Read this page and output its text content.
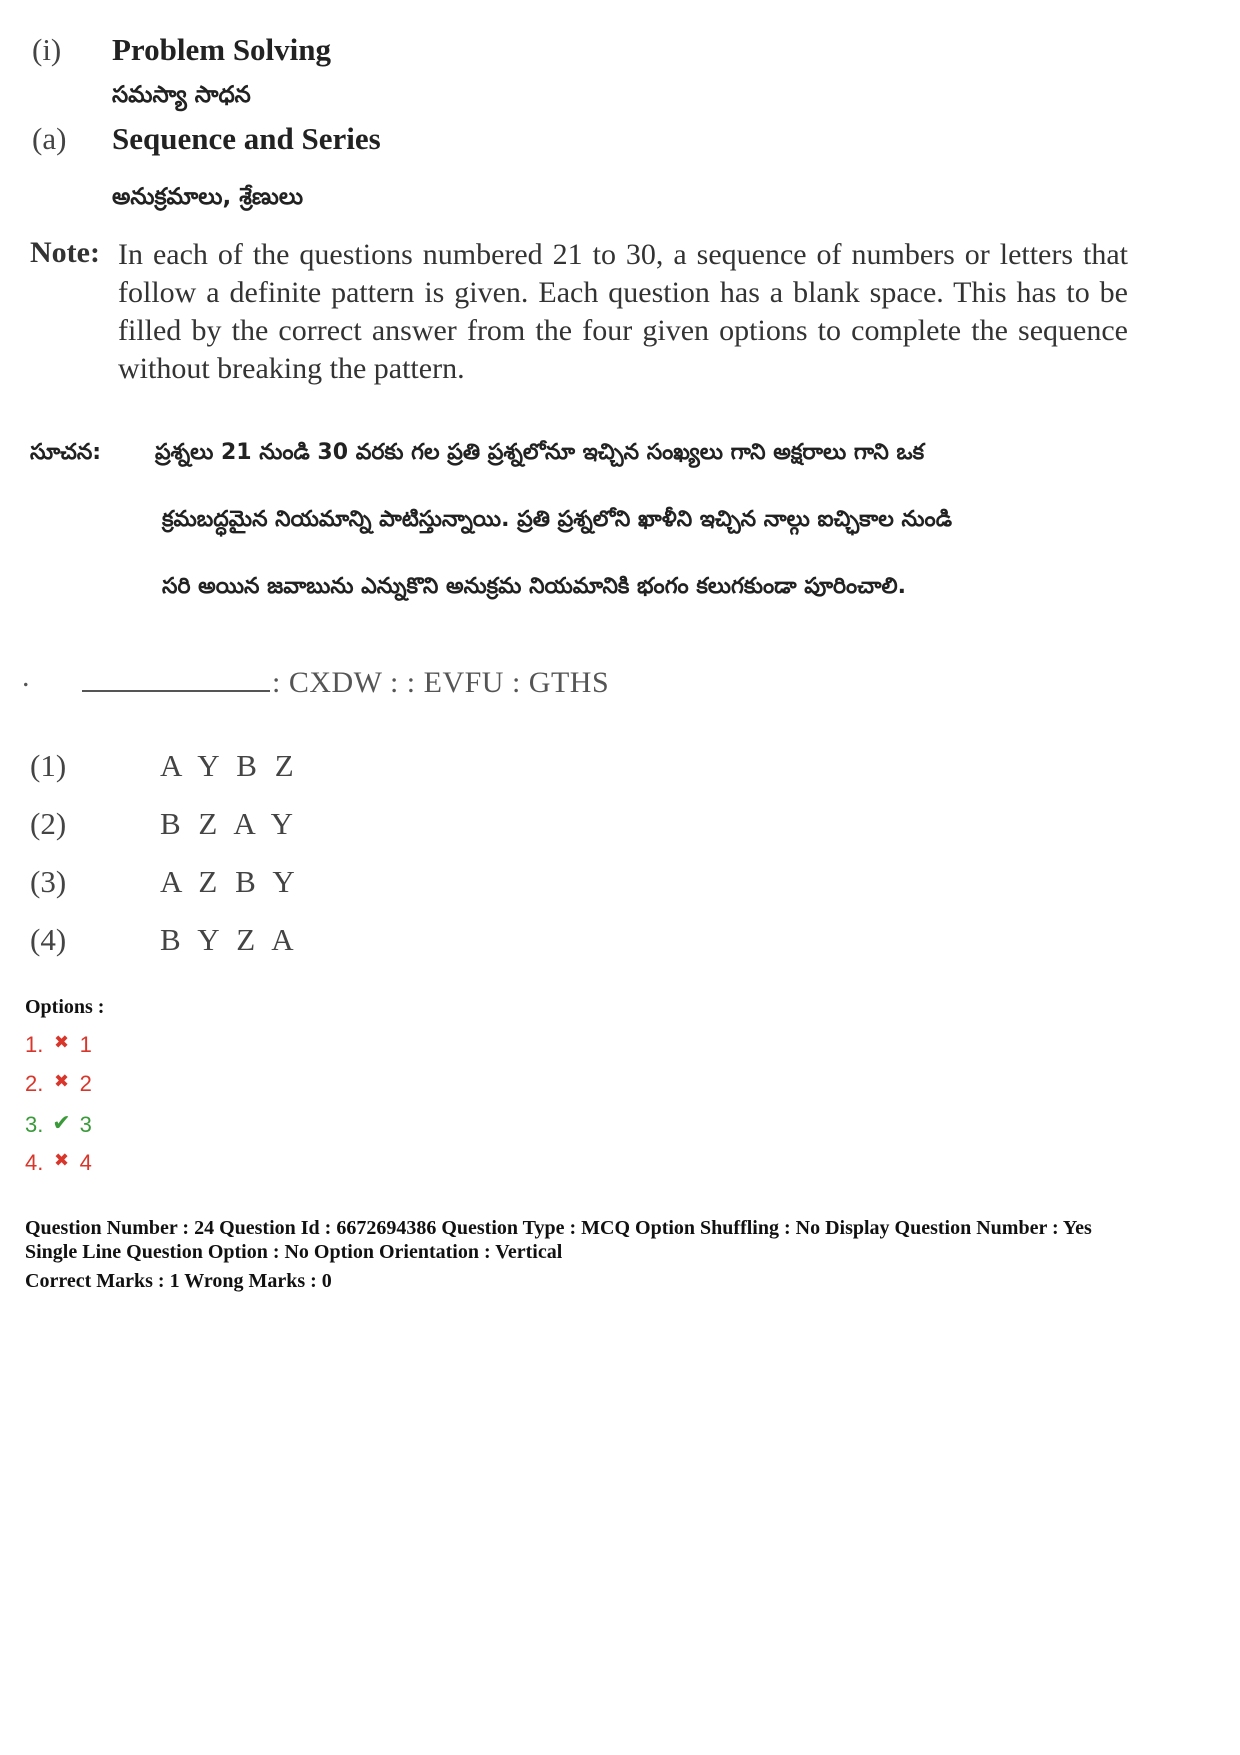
(i) Problem Solving
సమస్యా సాధన
(a) Sequence and Series
అనుక్రమాలు, శ్రేణులు
Note: In each of the questions numbered 21 to 30, a sequence of numbers or letters that follow a definite pattern is given. Each question has a blank space. This has to be filled by the correct answer from the four given options to complete the sequence without breaking the pattern.
సూచన: ప్రశ్నలు 21 నుండి 30 వరకు గల ప్రతి ప్రశ్నలోనూ ఇచ్చిన సంఖ్యలు గాని అక్షరాలు గాని ఒక
క్రమబద్ధమైన నియమాన్ని పాటిస్తున్నాయి. ప్రతి ప్రశ్నలోని ఖాళీని ఇచ్చిన నాల్గు ఐచ్ఛికాల నుండి
సరి అయిన జవాబును ఎన్నుకొని అనుక్రమ నియమానికి భంగం కలుగకుండా పూరించాలి.
.	: CXDW : : EVFU : GTHS
(1)	A Y B Z
(2)	B Z A Y
(3)	A Z B Y
(4)	B Y Z A
Options :
1. ✖ 1
2. ✖ 2
3. ✔ 3
4. ✖ 4
Question Number : 24 Question Id : 6672694386 Question Type : MCQ Option Shuffling : No Display Question Number : Yes
Single Line Question Option : No Option Orientation : Vertical
Correct Marks : 1 Wrong Marks : 0
